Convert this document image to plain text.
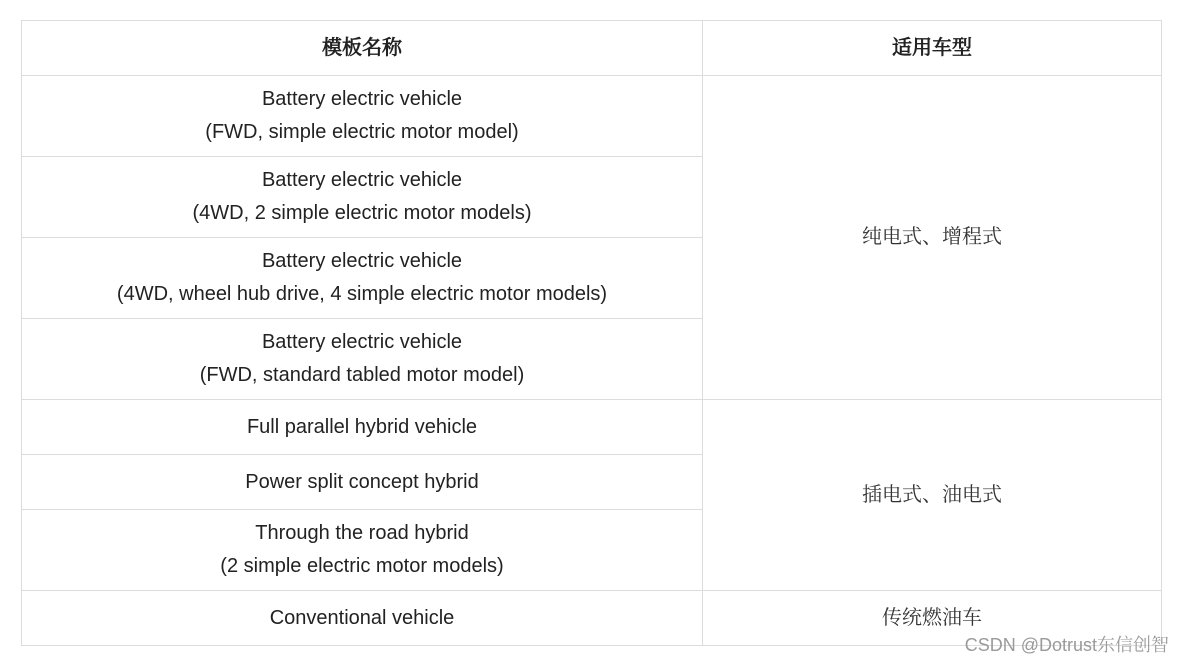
模板名称	适用车型

Battery electric vehicle
(FWD, simple electric motor model)	纯电式、增程式

Battery electric vehicle
(4WD, 2 simple electric motor models)	

Battery electric vehicle
(4WD, wheel hub drive, 4 simple electric motor models)	

Battery electric vehicle
(FWD, standard tabled motor model)	

Full parallel hybrid vehicle	插电式、油电式

Power split concept hybrid	

Through the road hybrid
(2 simple electric motor models)	

Conventional vehicle	传统燃油车
CSDN @Dotrust东信创智
